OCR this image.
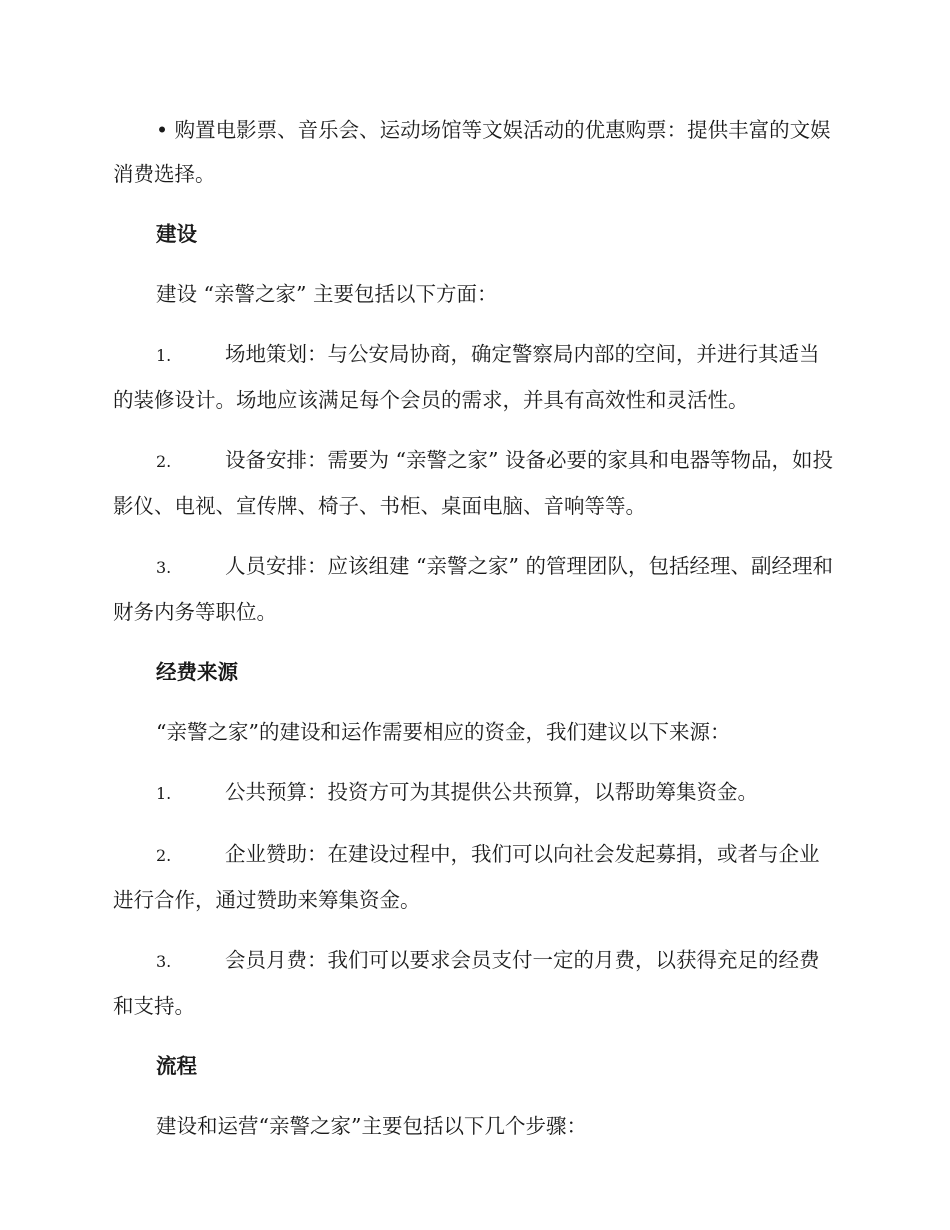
• 购置电影票、音乐会、运动场馆等文娱活动的优惠购票：提供丰富的文娱消费选择。

建设

建设 “亲警之家” 主要包括以下方面：

1.	场地策划：与公安局协商，确定警察局内部的空间，并进行其适当的装修设计。场地应该满足每个会员的需求，并具有高效性和灵活性。

2.	设备安排：需要为 “亲警之家” 设备必要的家具和电器等物品，如投影仪、电视、宣传牌、椅子、书柜、桌面电脑、音响等等。

3.	人员安排：应该组建 “亲警之家” 的管理团队，包括经理、副经理和财务内务等职位。

经费来源

“亲警之家”的建设和运作需要相应的资金，我们建议以下来源：

1.	公共预算：投资方可为其提供公共预算，以帮助筹集资金。

2.	企业赞助：在建设过程中，我们可以向社会发起募捐，或者与企业进行合作，通过赞助来筹集资金。

3.	会员月费：我们可以要求会员支付一定的月费，以获得充足的经费和支持。

流程

建设和运营“亲警之家”主要包括以下几个步骤：
